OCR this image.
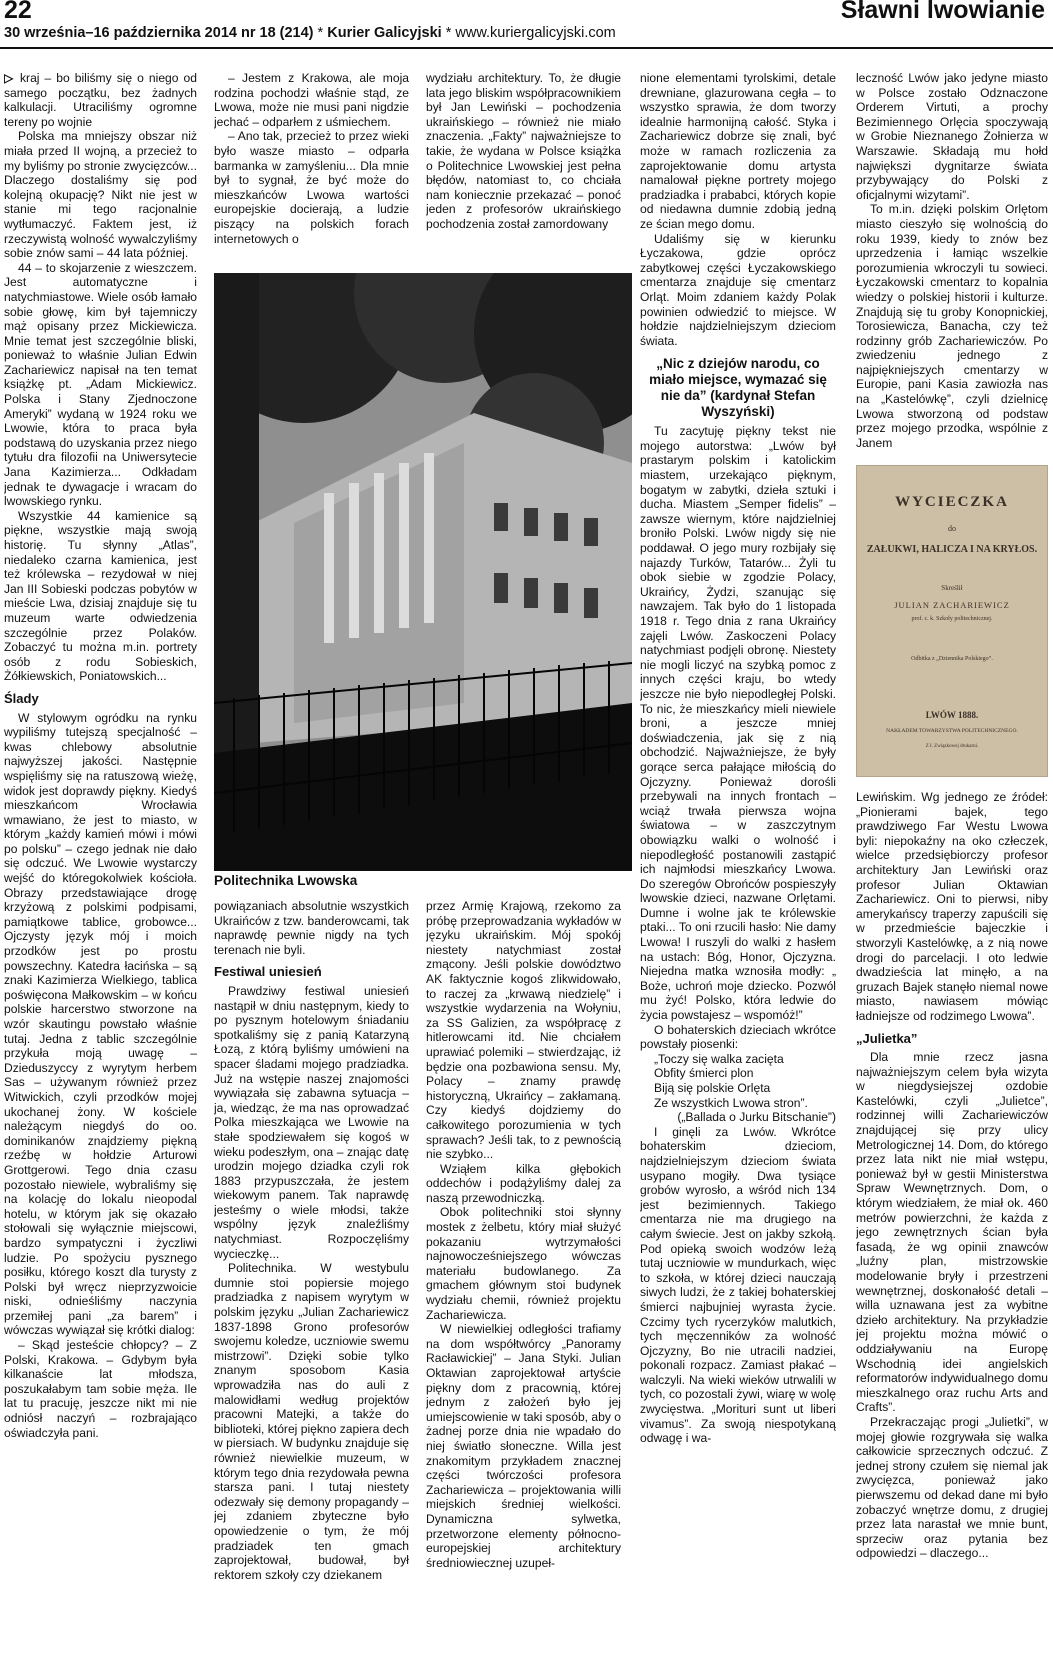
22	Sławni lwowianie
30 września–16 października 2014 nr 18 (214) * Kurier Galicyjski * www.kuriergalicyjski.com

▷ kraj – bo biliśmy się o niego od samego początku, bez żadnych kalkulacji. Utraciliśmy ogromne tereny po wojnie

Polska ma mniejszy obszar niż miała przed II wojną, a przecież to my byliśmy po stronie zwycięzców... Dlaczego dostaliśmy się pod kolejną okupację? Nikt nie jest w stanie mi tego racjonalnie wytłumaczyć. Faktem jest, iż rzeczywistą wolność wywalczyliśmy sobie znów sami – 44 lata później.

44 – to skojarzenie z wieszczem. Jest automatyczne i natychmiastowe. Wiele osób łamało sobie głowę, kim był tajemniczy mąż opisany przez Mickiewicza. Mnie temat jest szczególnie bliski, ponieważ to właśnie Julian Edwin Zachariewicz napisał na ten temat książkę pt. „Adam Mickiewicz. Polska i Stany Zjednoczone Ameryki” wydaną w 1924 roku we Lwowie, która to praca była podstawą do uzyskania przez niego tytułu dra filozofii na Uniwersytecie Jana Kazimierza... Odkładam jednak te dywagacje i wracam do lwowskiego rynku.

Wszystkie 44 kamienice są piękne, wszystkie mają swoją historię. Tu słynny „Atlas”, niedaleko czarna kamienica, jest też królewska – rezydował w niej Jan III Sobieski podczas pobytów w mieście Lwa, dzisiaj znajduje się tu muzeum warte odwiedzenia szczególnie przez Polaków. Zobaczyć tu można m.in. portrety osób z rodu Sobieskich, Żółkiewskich, Poniatowskich...

Ślady

W stylowym ogródku na rynku wypiliśmy tutejszą specjalność – kwas chlebowy absolutnie najwyższej jakości. Następnie wspięliśmy się na ratuszową wieżę, widok jest doprawdy piękny. Kiedyś mieszkańcom Wrocławia wmawiano, że jest to miasto, w którym „każdy kamień mówi i mówi po polsku” – czego jednak nie dało się odczuć. We Lwowie wystarczy wejść do któregokolwiek kościoła. Obrazy przedstawiające drogę krzyżową z polskimi podpisami, pamiątkowe tablice, grobowce... Ojczysty język mój i moich przodków jest po prostu powszechny. Katedra łacińska – są znaki Kazimierza Wielkiego, tablica poświęcona Małkowskim – w końcu polskie harcerstwo stworzone na wzór skautingu powstało właśnie tutaj. Jedna z tablic szczególnie przykuła moją uwagę – Dzieduszyccy z wyrytym herbem Sas – używanym również przez Witwickich, czyli przodków mojej ukochanej żony. W kościele należącym niegdyś do oo. dominikanów znajdziemy piękną rzeźbę w hołdzie Arturowi Grottgerowi. Tego dnia czasu pozostało niewiele, wybraliśmy się na kolację do lokalu nieopodal hotelu, w którym jak się okazało stołowali się wyłącznie miejscowi, bardzo sympatyczni i życzliwi ludzie. Po spożyciu pysznego posiłku, którego koszt dla turysty z Polski był wręcz nieprzyzwoicie niski, odnieśliśmy naczynia przemiłej pani „za barem” i wówczas wywiązał się krótki dialog:

– Skąd jesteście chłopcy? – Z Polski, Krakowa. – Gdybym była kilkanaście lat młodsza, poszukałabym tam sobie męża. Ile lat tu pracuję, jeszcze nikt mi nie odniósł naczyń – rozbrajająco oświadczyła pani.

– Jestem z Krakowa, ale moja rodzina pochodzi właśnie stąd, ze Lwowa, może nie musi pani nigdzie jechać – odparłem z uśmiechem.

– Ano tak, przecież to przez wieki było wasze miasto – odparła barmanka w zamyśleniu... Dla mnie był to sygnał, że być może do mieszkańców Lwowa wartości europejskie docierają, a ludzie piszący na polskich forach internetowych o

wydziału architektury. To, że długie lata jego bliskim współpracownikiem był Jan Lewiński – pochodzenia ukraińskiego – również nie miało znaczenia. „Fakty” najważniejsze to takie, że wydana w Polsce książka o Politechnice Lwowskiej jest pełna błędów, natomiast to, co chciała nam koniecznie przekazać – ponoć jeden z profesorów ukraińskiego pochodzenia został zamordowany

Politechnika Lwowska

powiązaniach absolutnie wszystkich Ukraińców z tzw. banderowcami, tak naprawdę pewnie nigdy na tych terenach nie byli.

Festiwal uniesień

Prawdziwy festiwal uniesień nastąpił w dniu następnym, kiedy to po pysznym hotelowym śniadaniu spotkaliśmy się z panią Katarzyną Łozą, z którą byliśmy umówieni na spacer śladami mojego pradziadka. Już na wstępie naszej znajomości wywiązała się zabawna sytuacja – ja, wiedząc, że ma nas oprowadzać Polka mieszkająca we Lwowie na stałe spodziewałem się kogoś w wieku podeszłym, ona – znając datę urodzin mojego dziadka czyli rok 1883 przypuszczała, że jestem wiekowym panem. Tak naprawdę jesteśmy o wiele młodsi, także wspólny język znaleźliśmy natychmiast. Rozpoczęliśmy wycieczkę...

Politechnika. W westybulu dumnie stoi popiersie mojego pradziadka z napisem wyrytym w polskim języku „Julian Zachariewicz 1837-1898 Grono profesorów swojemu koledze, uczniowie swemu mistrzowi”. Dzięki sobie tylko znanym sposobom Kasia wprowadziła nas do auli z malowidłami według projektów pracowni Matejki, a także do biblioteki, której piękno zapiera dech w piersiach. W budynku znajduje się również niewielkie muzeum, w którym tego dnia rezydowała pewna starsza pani. I tutaj niestety odezwały się demony propagandy – jej zdaniem zbyteczne było opowiedzenie o tym, że mój pradziadek ten gmach zaprojektował, budował, był rektorem szkoły czy dziekanem

przez Armię Krajową, rzekomo za próbę przeprowadzania wykładów w języku ukraińskim. Mój spokój niestety natychmiast został zmącony. Jeśli polskie dowództwo AK faktycznie kogoś zlikwidowało, to raczej za „krwawą niedzielę” i wszystkie wydarzenia na Wołyniu, za SS Galizien, za współpracę z hitlerowcami itd. Nie chciałem uprawiać polemiki – stwierdzając, iż będzie ona pozbawiona sensu. My, Polacy – znamy prawdę historyczną, Ukraińcy – zakłamaną. Czy kiedyś dojdziemy do całkowitego porozumienia w tych sprawach? Jeśli tak, to z pewnością nie szybko...

Wziąłem kilka głębokich oddechów i podążyliśmy dalej za naszą przewodniczką.

Obok politechniki stoi słynny mostek z żelbetu, który miał służyć pokazaniu wytrzymałości najnowocześniejszego wówczas materiału budowlanego. Za gmachem głównym stoi budynek wydziału chemii, również projektu Zachariewicza.

W niewielkiej odległości trafiamy na dom współtwórcy „Panoramy Racławickiej” – Jana Styki. Julian Oktawian zaprojektował artyście piękny dom z pracownią, której jednym z założeń było jej umiejscowienie w taki sposób, aby o żadnej porze dnia nie wpadało do niej światło słoneczne. Willa jest znakomitym przykładem znacznej części twórczości profesora Zachariewicza – projektowania willi miejskich średniej wielkości. Dynamiczna sylwetka, przetworzone elementy północno-europejskiej architektury średniowiecznej uzupeł-

nione elementami tyrolskimi, detale drewniane, glazurowana cegła – to wszystko sprawia, że dom tworzy idealnie harmonijną całość. Styka i Zachariewicz dobrze się znali, być może w ramach rozliczenia za zaprojektowanie domu artysta namalował piękne portrety mojego pradziadka i prababci, których kopie od niedawna dumnie zdobią jedną ze ścian mego domu.

Udaliśmy się w kierunku Łyczakowa, gdzie oprócz zabytkowej części Łyczakowskiego cmentarza znajduje się cmentarz Orląt. Moim zdaniem każdy Polak powinien odwiedzić to miejsce. W hołdzie najdzielniejszym dzieciom świata.

„Nic z dziejów narodu, co miało miejsce, wymazać się nie da” (kardynał Stefan Wyszyński)

Tu zacytuję piękny tekst nie mojego autorstwa: „Lwów był prastarym polskim i katolickim miastem, urzekająco pięknym, bogatym w zabytki, dzieła sztuki i ducha. Miastem „Semper fidelis” – zawsze wiernym, które najdzielniej broniło Polski. Lwów nigdy się nie poddawał. O jego mury rozbijały się najazdy Turków, Tatarów... Żyli tu obok siebie w zgodzie Polacy, Ukraińcy, Żydzi, szanując się nawzajem. Tak było do 1 listopada 1918 r. Tego dnia z rana Ukraińcy zajęli Lwów. Zaskoczeni Polacy natychmiast podjęli obronę. Niestety nie mogli liczyć na szybką pomoc z innych części kraju, bo wtedy jeszcze nie było niepodległej Polski. To nic, że mieszkańcy mieli niewiele broni, a jeszcze mniej doświadczenia, jak się z nią obchodzić. Najważniejsze, że były gorące serca pałające miłością do Ojczyzny. Ponieważ dorośli przebywali na innych frontach – wciąż trwała pierwsza wojna światowa – w zaszczytnym obowiązku walki o wolność i niepodległość postanowili zastąpić ich najmłodsi mieszkańcy Lwowa. Do szeregów Obrońców pospieszyły lwowskie dzieci, nazwane Orlętami. Dumne i wolne jak te królewskie ptaki... To oni rzucili hasło: Nie damy Lwowa! I ruszyli do walki z hasłem na ustach: Bóg, Honor, Ojczyzna. Niejedna matka wznosiła modły: „ Boże, uchroń moje dziecko. Pozwól mu żyć! Polsko, która ledwie do życia powstajesz – wspomóż!”

O bohaterskich dzieciach wkrótce powstały piosenki:

„Toczy się walka zacięta

Obfity śmierci plon

Biją się polskie Orlęta

Ze wszystkich Lwowa stron”.

(„Ballada o Jurku Bitschanie”)

I ginęli za Lwów. Wkrótce bohaterskim dzieciom, najdzielniejszym dzieciom świata usypano mogiły. Dwa tysiące grobów wyrosło, a wśród nich 134 jest bezimiennych. Takiego cmentarza nie ma drugiego na całym świecie. Jest on jakby szkołą. Pod opieką swoich wodzów leżą tutaj uczniowie w mundurkach, więc to szkoła, w której dzieci nauczają siwych ludzi, że z takiej bohaterskiej śmierci najbujniej wyrasta życie. Czcimy tych rycerzyków malutkich, tych męczenników za wolność Ojczyzny, Bo nie utracili nadziei, pokonali rozpacz. Zamiast płakać – walczyli. Na wieki wieków utrwalili w tych, co pozostali żywi, wiarę w wolę zwycięstwa. „Morituri sunt ut liberi vivamus”. Za swoją niespotykaną odwagę i wa-

leczność Lwów jako jedyne miasto w Polsce zostało Odznaczone Orderem Virtuti, a prochy Bezimiennego Orlęcia spoczywają w Grobie Nieznanego Żołnierza w Warszawie. Składają mu hołd największi dygnitarze świata przybywający do Polski z oficjalnymi wizytami”.

To m.in. dzięki polskim Orlętom miasto cieszyło się wolnością do roku 1939, kiedy to znów bez uprzedzenia i łamiąc wszelkie porozumienia wkroczyli tu sowieci. Łyczakowski cmentarz to kopalnia wiedzy o polskiej historii i kulturze. Znajdują się tu groby Konopnickiej, Torosiewicza, Banacha, czy też rodzinny grób Zachariewiczów. Po zwiedzeniu jednego z najpiękniejszych cmentarzy w Europie, pani Kasia zawiozła nas na „Kastelówkę”, czyli dzielnicę Lwowa stworzoną od podstaw przez mojego przodka, wspólnie z Janem

WYCIECZKA
do
ZAŁUKWI, HALICZA I NA KRYŁOS.
Skreślił
JULIAN ZACHARIEWICZ
prof. c. k. Szkoły politechnicznej.
Odbitka z „Dziennika Polskiego“.
LWÓW 1888.
NAKŁADEM TOWARZYSTWA POLITECHNICZNEGO.
Z I. Związkowej drukarni.

Lewińskim. Wg jednego ze źródeł: „Pionierami bajek, tego prawdziwego Far Westu Lwowa byli: niepokaźny na oko człeczek, wielce przedsiębiorczy profesor architektury Jan Lewiński oraz profesor Julian Oktawian Zachariewicz. Oni to pierwsi, niby amerykańscy traperzy zapuścili się w przedmieście bajeczkie i stworzyli Kastelówkę, a z nią nowe drogi do parcelacji. I oto ledwie dwadzieścia lat minęło, a na gruzach Bajek stanęło niemal nowe miasto, nawiasem mówiąc ładniejsze od rodzimego Lwowa”.

„Julietka”

Dla mnie rzecz jasna najważniejszym celem była wizyta w niegdysiejszej ozdobie Kastelówki, czyli „Julietce”, rodzinnej willi Zachariewiczów znajdującej się przy ulicy Metrologicznej 14. Dom, do którego przez lata nikt nie miał wstępu, ponieważ był w gestii Ministerstwa Spraw Wewnętrznych. Dom, o którym wiedziałem, że miał ok. 460 metrów powierzchni, że każda z jego zewnętrznych ścian była fasadą, że wg opinii znawców „luźny plan, mistrzowskie modelowanie bryły i przestrzeni wewnętrznej, doskonałość detali – willa uznawana jest za wybitne dzieło architektury. Na przykładzie jej projektu można mówić o oddziaływaniu na Europę Wschodnią idei angielskich reformatorów indywidualnego domu mieszkalnego oraz ruchu Arts and Crafts”.

Przekraczając progi „Julietki”, w mojej głowie rozgrywała się walka całkowicie sprzecznych odczuć. Z jednej strony czułem się niemal jak zwycięzca, ponieważ jako pierwszemu od dekad dane mi było zobaczyć wnętrze domu, z drugiej przez lata narastał we mnie bunt, sprzeciw oraz pytania bez odpowiedzi – dlaczego...
